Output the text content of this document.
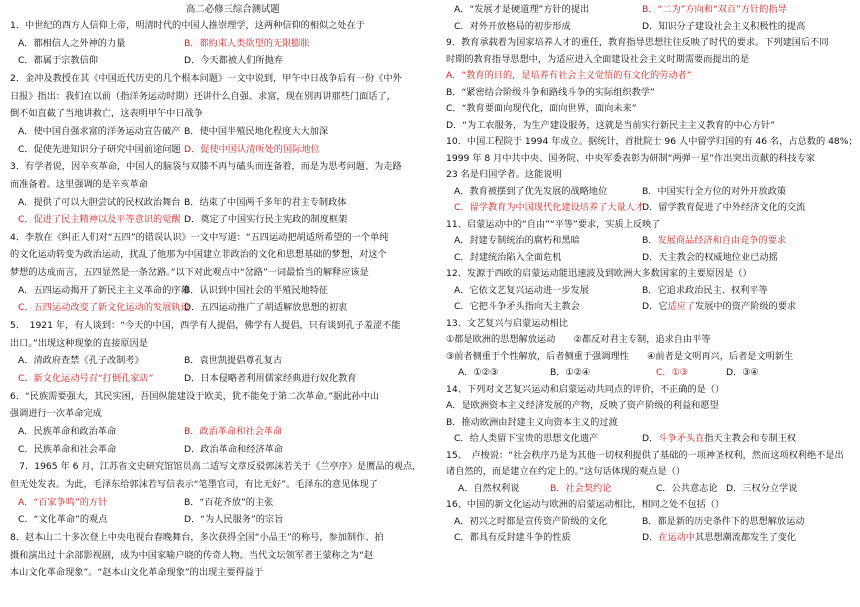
高二必修三综合测试题
1．中世纪的西方人信仰上帝，明清时代的中国人推崇理学，这两种信仰的相似之处在于
A．都相信人之外神的力量	B．都約束人类欲望的无限膨胀
C．都属于宗教信仰	D．今天都被人们所抛弃
2．金冲及教授在其《中国近代历史的几个根本问题》一文中说到，甲午中日战争后有一份《中外
日报》指出：我们在以前（指洋务运动时期）还讲什么自强、求富，现在别再讲那些门面话了，
倒不如直截了当地讲救亡，这表明甲午中日战争
A．使中国自强求富的洋务运动宣告破产 B．使中国半殖民地化程度大大加深
C．促使先进知识分子研究中国前途问题 D．促使中国认清所处的国际地位
3．有学者说，因辛亥革命，中国人的脑袋与双膝不再与磕头而连备着，而是为思考问题、为走路
而准备着。这里强调的是辛亥革命
A．提供了可以大胆尝试的民权政治舞台 B．结束了中国两千多年的君主专制政体
C．促进了民主精神以及平等意识的觉醒 D．奠定了中国实行民主宪政的制度框架
4．李敖在《纠正人们对“五四”的错误认识》一文中写道：“五四运动把胡适所希望的一个单纯
的文化运动转变为政治运动，扰乱了他那为中国建立非政治的文化和思想基础的梦想，对这个
梦想的达成而言，五四显然是一条岔路。”以下对此观点中“岔路”一词最恰当的解释应该是
A．五四运动揭开了新民主主义革命的序幕
B．认识到中国社会的半殖民地特征
C．五四运动改变了新文化运动的发展轨迹
D．五四运动推广了胡适解放思想的初衷
5．　1921 年，有人谈到：“今天的中国，西学有人提倡，佛学有人提倡，只有谈到孔子羞涩不能
出口。”出现这种现象的直接原因是
A．清政府查禁《孔子改制考》	B．袁世凯提倡尊孔复古
C．新文化运动号召“打倒孔家店”	D．日本侵略者利用儒家经典进行奴化教育
6．“民族需要强大，其民实困，吾国纵能建设于欧美，犹不能免于第二次革命。”据此孙中山
强调进行一次革命完成
A．民族革命和政治革命	B．政治革命和社会革命
C．民族革命和社会革命	D．政治革命和经济革命
　7．1965 年 6 月，江苏省文史研究馆馆员高二适写文章反驳郭沫若关于《兰亭序》是赝品的观点，
但无处发表。为此，毛泽东给郭沫若写信表示“笔墨官司，有比无好”。毛泽东的意见体现了
A．“百家争鸣”的方针	B．“百花齐放”的主张
C．“文化革命”的观点	D．“为人民服务”的宗旨
8．赵本山二十多次登上中央电视台春晚舞台，多次获得全国“小品王”的称号，参加制作、拍
摄和演出过十余部影视剧，成为中国家喻户晓的传奇人物。当代文坛领军者王蒙称之为“赵
本山文化革命现象”。“赵本山文化革命现象”的出现主要得益于
A．“发展才是硬道理”方针的提出	B．“二为”方向和“双百”方针的指导
C．对外开放格局的初步形成	D．知识分子建设社会主义积极性的提高
9．教育承载着为国家培养人才的重任，教育指导思想往往反映了时代的要求。下列建国后不同
时期的教育指导思想中，为适应进入全面建设社会主义时期需要而提出的是
A．“教育的目的，是培养有社会主义觉悟的有文化的劳动者”
B．“紧密结合阶级斗争和路线斗争的实际组织教学”
C．“教育要面向现代化，面向世界，面向未来”
D．“为工农服务，为生产建设服务，这就是当前实行新民主主义教育的中心方针”
10．中国工程院于 1994 年成立。据统计，首批院士 96 人中留学归国的有 46 名，占总数的 48%；
1999 年 8 月中共中央、国务院、中央军委表彰为研制“两弹一星”作出突出贡献的科技专家
23 名是归国学者。这能说明
A．教育被摆到了优先发展的战略地位	B．中国实行全方位的对外开放政策
C．留学教育为中国现代化建设培养了大量人才
D．留学教育促进了中外经济文化的交流
11、启蒙运动中的“自由”“平等”要求，实质上反映了
A．封建专制统治的腐朽和黑暗	B．发展商品经济和自由竞争的要求
C．封建统治陷入全面危机	D．天主教会的权威地位业已动摇
12、发源于西欧的启蒙运动能迅速波及到欧洲大多数国家的主要原因是（）
A．它依文艺复兴运动进一步发展	B．它追求政治民主、权利平等
C．它把斗争矛头指向天主教会	D．它适应了发展中的资产阶级的要求
13、文艺复兴与启蒙运动相比
①都是欧洲的思想解放运动　　②都反对君主专制，追求自由平等
③前者侧重于个性解放，后者侧重于强调理性　　④前者是文明再兴，后者是文明新生
A．①②③	B．①②④	C．①③	D．③④
14、下列对文艺复兴运动和启蒙运动共同点的评价，不正确的是（）
A．是欧洲资本主义经济发展的产物，反映了资产阶级的利益和愿望
B．推动欧洲由封建主义向资本主义的过渡
C．给人类留下宝贵的思想文化遗产	D．斗争矛头直指天主教会和专制王权
15、　卢梭说：“社会秩序乃是为其他一切权利提供了基础的一项神圣权利，然而这项权利绝不是出
诸自然的，而是建立在约定上的。”这句话体现的观点是（）
A．自然权利说	B．社会契约论	C．公共意志论 D．三权分立学说
16、中国的新文化运动与欧洲的启蒙运动相比，相同之处不包括（）
A．初兴之时都是宣传资产阶级的文化	B．都是新的历史条件下的思想解放运动
C．都具有反封建斗争的性质	D．在运动中其思想潮流都发生了变化
